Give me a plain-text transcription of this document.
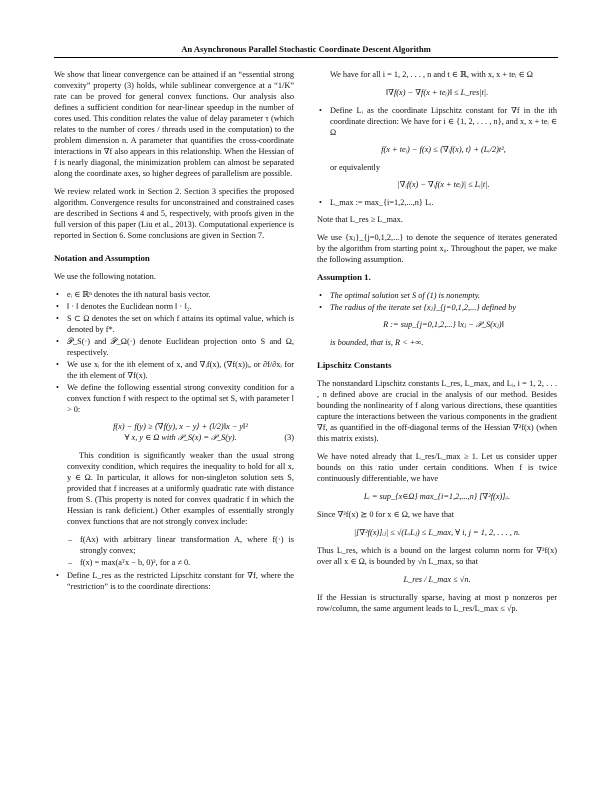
An Asynchronous Parallel Stochastic Coordinate Descent Algorithm

We show that linear convergence can be attained if an “essential strong convexity” property (3) holds, while sublinear convergence at a “1/K” rate can be proved for general convex functions. Our analysis also defines a sufficient condition for near-linear speedup in the number of cores used. This condition relates the value of delay parameter τ (which relates to the number of cores / threads used in the computation) to the problem dimension n. A parameter that quantifies the cross-coordinate interactions in ∇f also appears in this relationship. When the Hessian of f is nearly diagonal, the minimization problem can almost be separated along the coordinate axes, so higher degrees of parallelism are possible.

We review related work in Section 2. Section 3 specifies the proposed algorithm. Convergence results for unconstrained and constrained cases are described in Sections 4 and 5, respectively, with proofs given in the full version of this paper (Liu et al., 2013). Computational experience is reported in Section 6. Some conclusions are given in Section 7.

Notation and Assumption

We use the following notation.

• eᵢ ∈ ℝⁿ denotes the ith natural basis vector.
• ‖ · ‖ denotes the Euclidean norm ‖ · ‖₂.
• S ⊂ Ω denotes the set on which f attains its optimal value, which is denoted by f*.
• 𝒫_S(·) and 𝒫_Ω(·) denote Euclidean projection onto S and Ω, respectively.
• We use xᵢ for the ith element of x, and ∇ᵢf(x), (∇f(x))ᵢ, or ∂f/∂xᵢ for the ith element of ∇f(x).
• We define the following essential strong convexity condition for a convex function f with respect to the optimal set S, with parameter l > 0:
f(x) − f(y) ≥ ⟨∇f(y), x − y⟩ + (l/2)‖x − y‖²
∀ x, y ∈ Ω with 𝒫_S(x) = 𝒫_S(y).	(3)

This condition is significantly weaker than the usual strong convexity condition, which requires the inequality to hold for all x, y ∈ Ω. In particular, it allows for non-singleton solution sets S, provided that f increases at a uniformly quadratic rate with distance from S. (This property is noted for convex quadratic f in which the Hessian is rank deficient.) Other examples of essentially strongly convex functions that are not strongly convex include:

– f(Ax) with arbitrary linear transformation A, where f(·) is strongly convex;
– f(x) = max(aᵀx − b, 0)², for a ≠ 0.
• Define L_res as the restricted Lipschitz constant for ∇f, where the “restriction” is to the coordinate directions:

We have for all i = 1, 2, . . . , n and t ∈ ℝ, with x, x + teᵢ ∈ Ω

‖∇f(x) − ∇f(x + teᵢ)‖ ≤ L_res|t|.
• Define Lᵢ as the coordinate Lipschitz constant for ∇f in the ith coordinate direction: We have for i ∈ {1, 2, . . . , n}, and x, x + teᵢ ∈ Ω
f(x + teᵢ) − f(x) ≤ ⟨∇ᵢf(x), t⟩ + (Lᵢ/2)t²,

or equivalently

|∇ᵢf(x) − ∇ᵢf(x + teᵢ)| ≤ Lᵢ|t|.
• L_max := max_{i=1,2,...,n} Lᵢ.

Note that L_res ≥ L_max.

We use {xⱼ}_{j=0,1,2,...} to denote the sequence of iterates generated by the algorithm from starting point x₀. Throughout the paper, we make the following assumption.

Assumption 1.
• The optimal solution set S of (1) is nonempty.
• The radius of the iterate set {xⱼ}_{j=0,1,2,...} defined by
R := sup_{j=0,1,2,...} ‖xⱼ − 𝒫_S(xⱼ)‖
is bounded, that is, R < +∞.
Lipschitz Constants

The nonstandard Lipschitz constants L_res, L_max, and Lᵢ, i = 1, 2, . . . , n defined above are crucial in the analysis of our method. Besides bounding the nonlinearity of f along various directions, these quantities capture the interactions between the various components in the gradient ∇f, as quantified in the off-diagonal terms of the Hessian ∇²f(x) (when this matrix exists).

We have noted already that L_res/L_max ≥ 1. Let us consider upper bounds on this ratio under certain conditions. When f is twice continuously differentiable, we have

Lᵢ = sup_{x∈Ω} max_{i=1,2,...,n} [∇²f(x)]ᵢᵢ.

Since ∇²f(x) ⪰ 0 for x ∈ Ω, we have that

|[∇²f(x)]ᵢⱼ| ≤ √(LᵢLⱼ) ≤ L_max, ∀ i, j = 1, 2, . . . , n.

Thus L_res, which is a bound on the largest column norm for ∇²f(x) over all x ∈ Ω, is bounded by √n L_max, so that

L_res / L_max ≤ √n.

If the Hessian is structurally sparse, having at most p nonzeros per row/column, the same argument leads to L_res/L_max ≤ √p.
